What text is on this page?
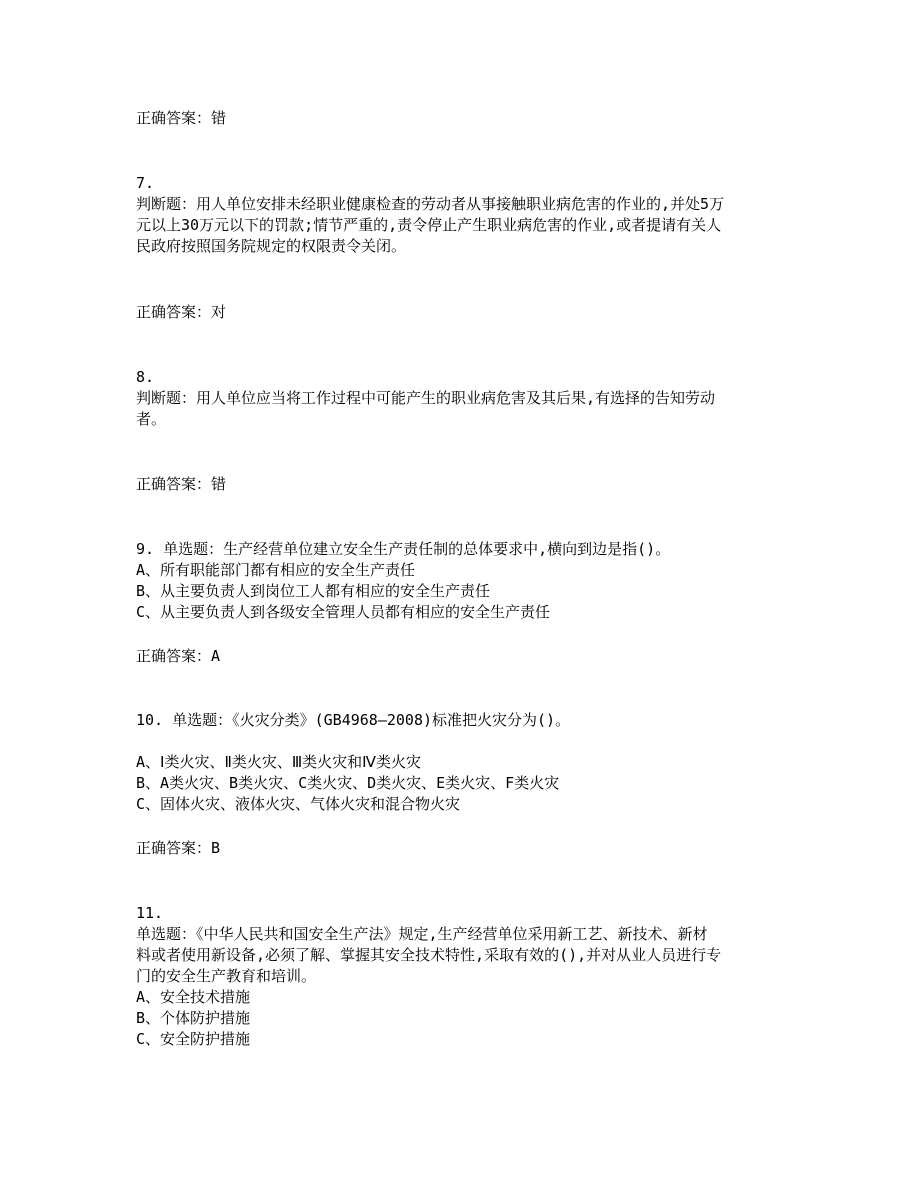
正确答案：错
7.
判断题：用人单位安排未经职业健康检查的劳动者从事接触职业病危害的作业的,并处5万
元以上30万元以下的罚款;情节严重的,责令停止产生职业病危害的作业,或者提请有关人
民政府按照国务院规定的权限责令关闭。
正确答案：对
8.
判断题：用人单位应当将工作过程中可能产生的职业病危害及其后果,有选择的告知劳动
者。
正确答案：错
9. 单选题：生产经营单位建立安全生产责任制的总体要求中,横向到边是指()。
A、所有职能部门都有相应的安全生产责任
B、从主要负责人到岗位工人都有相应的安全生产责任
C、从主要负责人到各级安全管理人员都有相应的安全生产责任
正确答案：A
10. 单选题：《火灾分类》(GB4968—2008)标准把火灾分为()。
A、Ⅰ类火灾、Ⅱ类火灾、Ⅲ类火灾和Ⅳ类火灾
B、A类火灾、B类火灾、C类火灾、D类火灾、E类火灾、F类火灾
C、固体火灾、液体火灾、气体火灾和混合物火灾
正确答案：B
11.
单选题：《中华人民共和国安全生产法》规定,生产经营单位采用新工艺、新技术、新材
料或者使用新设备,必须了解、掌握其安全技术特性,采取有效的(),并对从业人员进行专
门的安全生产教育和培训。
A、安全技术措施
B、个体防护措施
C、安全防护措施
